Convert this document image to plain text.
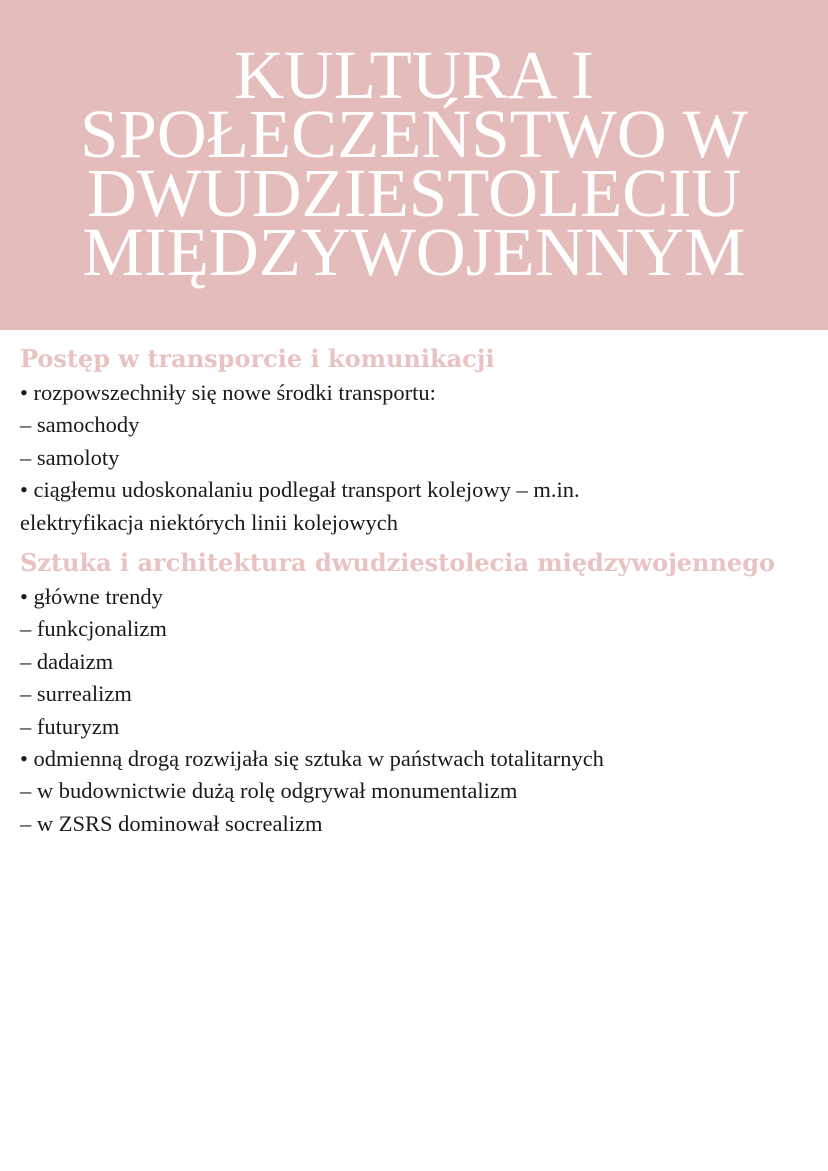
KULTURA I
SPOŁECZEŃSTWO W
DWUDZIESTOLECIU
MIĘDZYWOJENNYM
Postęp w transporcie i komunikacji

• rozpowszechniły się nowe środki transportu:

– samochody

– samoloty

• ciągłemu udoskonalaniu podlegał transport kolejowy – m.in.

elektryfikacja niektórych linii kolejowych

Sztuka i architektura dwudziestolecia międzywojennego

• główne trendy

– funkcjonalizm

– dadaizm

– surrealizm

– futuryzm

• odmienną drogą rozwijała się sztuka w państwach totalitarnych

– w budownictwie dużą rolę odgrywał monumentalizm

– w ZSRS dominował socrealizm
